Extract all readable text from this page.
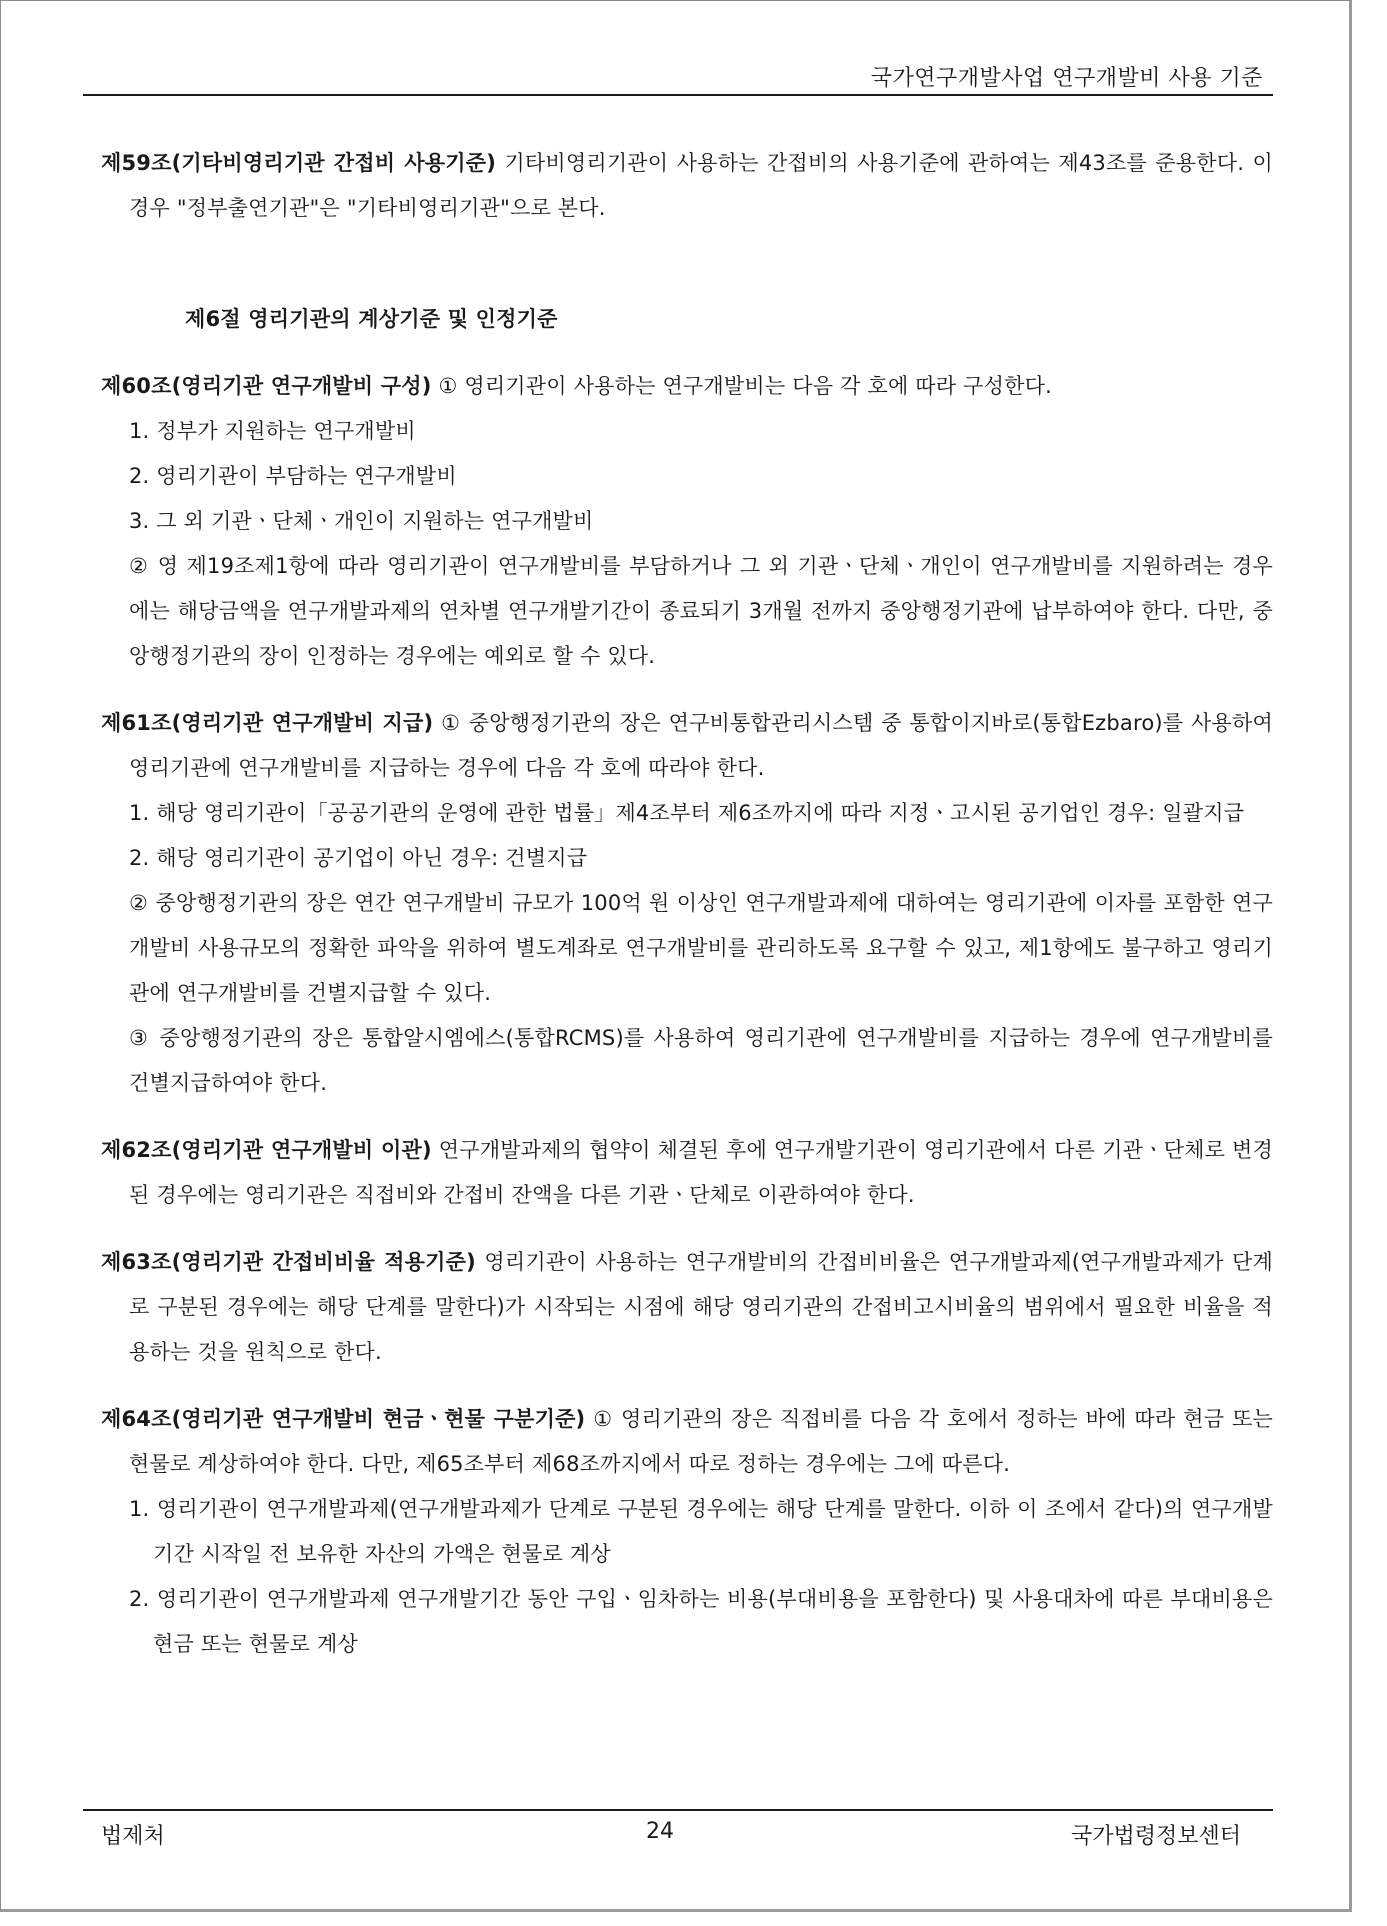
국가연구개발사업 연구개발비 사용 기준

제59조(기타비영리기관 간접비 사용기준) 기타비영리기관이 사용하는 간접비의 사용기준에 관하여는 제43조를 준용한다. 이 경우 "정부출연기관"은 "기타비영리기관"으로 본다.

제6절 영리기관의 계상기준 및 인정기준

제60조(영리기관 연구개발비 구성) ① 영리기관이 사용하는 연구개발비는 다음 각 호에 따라 구성한다.

1. 정부가 지원하는 연구개발비

2. 영리기관이 부담하는 연구개발비

3. 그 외 기관ㆍ단체ㆍ개인이 지원하는 연구개발비

② 영 제19조제1항에 따라 영리기관이 연구개발비를 부담하거나 그 외 기관ㆍ단체ㆍ개인이 연구개발비를 지원하려는 경우에는 해당금액을 연구개발과제의 연차별 연구개발기간이 종료되기 3개월 전까지 중앙행정기관에 납부하여야 한다. 다만, 중앙행정기관의 장이 인정하는 경우에는 예외로 할 수 있다.

제61조(영리기관 연구개발비 지급) ① 중앙행정기관의 장은 연구비통합관리시스템 중 통합이지바로(통합Ezbaro)를 사용하여 영리기관에 연구개발비를 지급하는 경우에 다음 각 호에 따라야 한다.

1. 해당 영리기관이「공공기관의 운영에 관한 법률」제4조부터 제6조까지에 따라 지정ㆍ고시된 공기업인 경우: 일괄지급

2. 해당 영리기관이 공기업이 아닌 경우: 건별지급

② 중앙행정기관의 장은 연간 연구개발비 규모가 100억 원 이상인 연구개발과제에 대하여는 영리기관에 이자를 포함한 연구개발비 사용규모의 정확한 파악을 위하여 별도계좌로 연구개발비를 관리하도록 요구할 수 있고, 제1항에도 불구하고 영리기관에 연구개발비를 건별지급할 수 있다.

③ 중앙행정기관의 장은 통합알시엠에스(통합RCMS)를 사용하여 영리기관에 연구개발비를 지급하는 경우에 연구개발비를 건별지급하여야 한다.

제62조(영리기관 연구개발비 이관) 연구개발과제의 협약이 체결된 후에 연구개발기관이 영리기관에서 다른 기관ㆍ단체로 변경된 경우에는 영리기관은 직접비와 간접비 잔액을 다른 기관ㆍ단체로 이관하여야 한다.

제63조(영리기관 간접비비율 적용기준) 영리기관이 사용하는 연구개발비의 간접비비율은 연구개발과제(연구개발과제가 단계로 구분된 경우에는 해당 단계를 말한다)가 시작되는 시점에 해당 영리기관의 간접비고시비율의 범위에서 필요한 비율을 적용하는 것을 원칙으로 한다.

제64조(영리기관 연구개발비 현금ㆍ현물 구분기준) ① 영리기관의 장은 직접비를 다음 각 호에서 정하는 바에 따라 현금 또는 현물로 계상하여야 한다. 다만, 제65조부터 제68조까지에서 따로 정하는 경우에는 그에 따른다.

1. 영리기관이 연구개발과제(연구개발과제가 단계로 구분된 경우에는 해당 단계를 말한다. 이하 이 조에서 같다)의 연구개발기간 시작일 전 보유한 자산의 가액은 현물로 계상

2. 영리기관이 연구개발과제 연구개발기간 동안 구입ㆍ임차하는 비용(부대비용을 포함한다) 및 사용대차에 따른 부대비용은 현금 또는 현물로 계상

법제처	24	국가법령정보센터
